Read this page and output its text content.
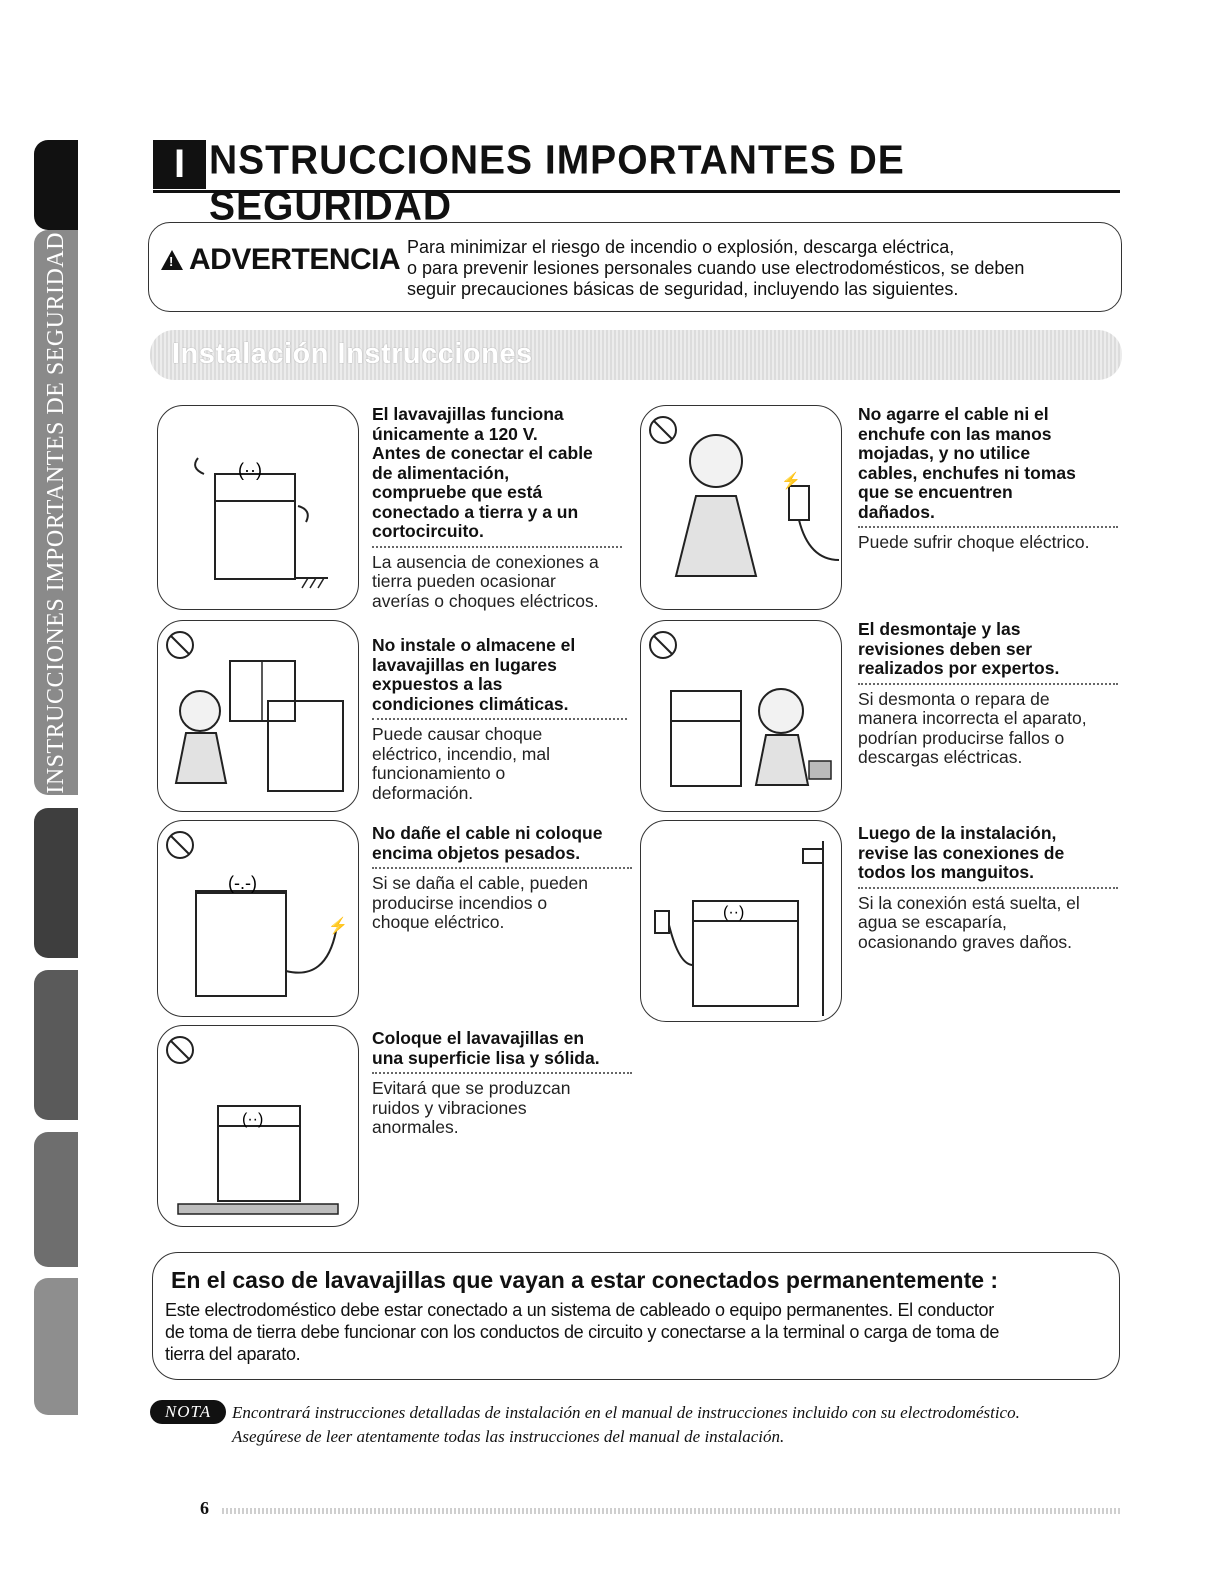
INSTRUCCIONES IMPORTANTES DE SEGURIDAD
I NSTRUCCIONES IMPORTANTES DE SEGURIDAD
!
ADVERTENCIA Para minimizar el riesgo de incendio o explosión, descarga eléctrica,
o para prevenir lesiones personales cuando use electrodomésticos, se deben
seguir precauciones básicas de seguridad, incluyendo las siguientes.
Instalación Instrucciones
(··)
El lavavajillas funciona
únicamente a 120 V.
Antes de conectar el cable
de alimentación,
compruebe que está
conectado a tierra y a un
cortocircuito.
La ausencia de conexiones a
tierra pueden ocasionar
averías o choques eléctricos.
⚡
No agarre el cable ni el
enchufe con las manos
mojadas, y no utilice
cables, enchufes ni tomas
que se encuentren
dañados.
Puede sufrir choque eléctrico.
No instale o almacene el
lavavajillas en lugares
expuestos a las
condiciones climáticas.
Puede causar choque
eléctrico, incendio, mal
funcionamiento o
deformación.
El desmontaje y las
revisiones deben ser
realizados por expertos.
Si desmonta o repara de
manera incorrecta el aparato,
podrían producirse fallos o
descargas eléctricas.
(-.-)
⚡
No dañe el cable ni coloque
encima objetos pesados.
Si se daña el cable, pueden
producirse incendios o
choque eléctrico.	(··)
Luego de la instalación,
revise las conexiones de
todos los manguitos.
Si la conexión está suelta, el
agua se escaparía,
ocasionando graves daños.
(··)
Coloque el lavavajillas en
una superficie lisa y sólida.
Evitará que se produzcan
ruidos y vibraciones
anormales.
En el caso de lavavajillas que vayan a estar conectados permanentemente :
Este electrodoméstico debe estar conectado a un sistema de cableado o equipo permanentes. El conductor
de toma de tierra debe funcionar con los conductos de circuito y conectarse a la terminal o carga de toma de
tierra del aparato.
NOTA Encontrará instrucciones detalladas de instalación en el manual de instrucciones incluido con su electrodoméstico.
Asegúrese de leer atentamente todas las instrucciones del manual de instalación.
6
